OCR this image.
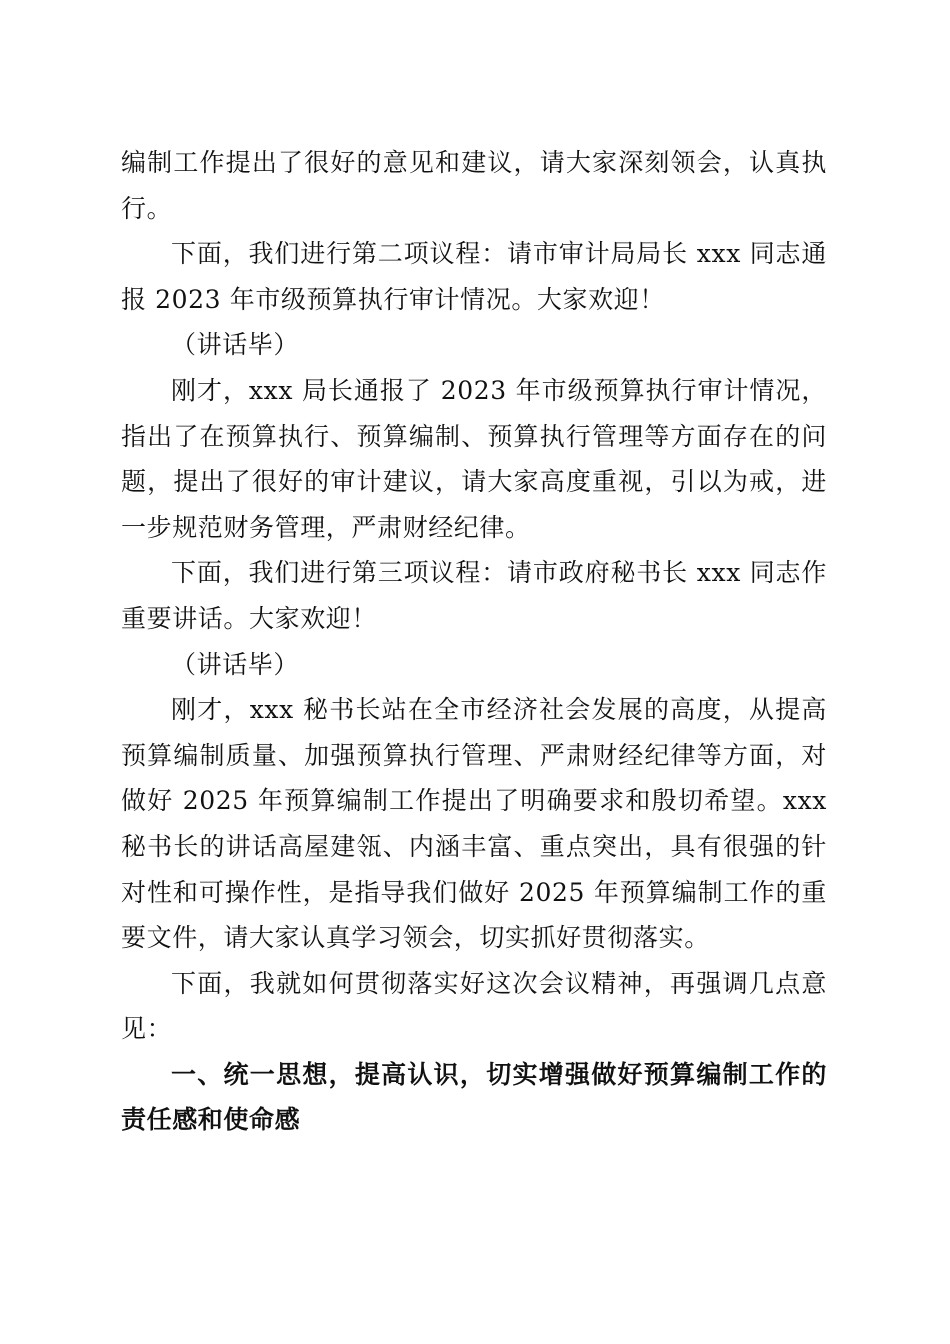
编制工作提出了很好的意见和建议，请大家深刻领会，认真执行。

下面，我们进行第二项议程：请市审计局局长 xxx 同志通报 2023 年市级预算执行审计情况。大家欢迎！

（讲话毕）

刚才，xxx 局长通报了 2023 年市级预算执行审计情况，指出了在预算执行、预算编制、预算执行管理等方面存在的问题，提出了很好的审计建议，请大家高度重视，引以为戒，进一步规范财务管理，严肃财经纪律。

下面，我们进行第三项议程：请市政府秘书长 xxx 同志作重要讲话。大家欢迎！

（讲话毕）

刚才，xxx 秘书长站在全市经济社会发展的高度，从提高预算编制质量、加强预算执行管理、严肃财经纪律等方面，对做好 2025 年预算编制工作提出了明确要求和殷切希望。xxx 秘书长的讲话高屋建瓴、内涵丰富、重点突出，具有很强的针对性和可操作性，是指导我们做好 2025 年预算编制工作的重要文件，请大家认真学习领会，切实抓好贯彻落实。

下面，我就如何贯彻落实好这次会议精神，再强调几点意见：

一、统一思想，提高认识，切实增强做好预算编制工作的责任感和使命感
